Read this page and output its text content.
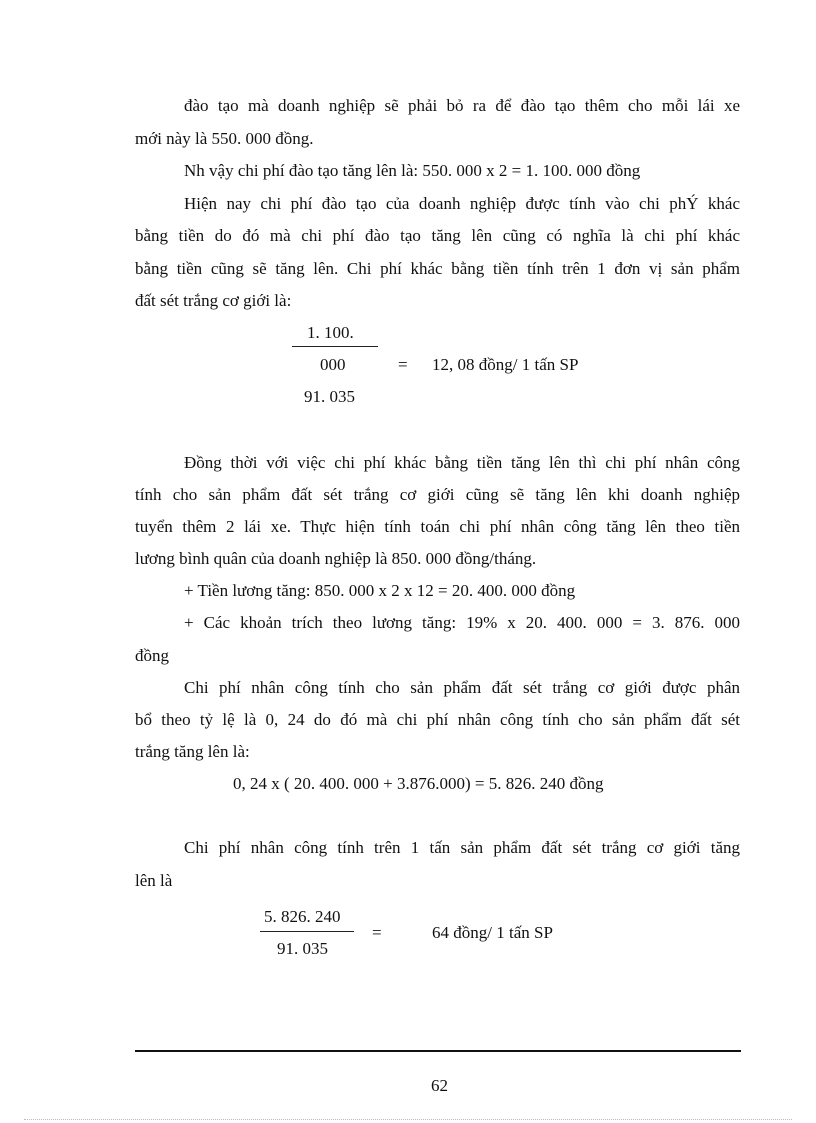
đào tạo mà doanh nghiệp sẽ phải bỏ ra để đào tạo thêm cho mỗi lái xe
mới này là 550. 000 đồng.
Nh vậy chi phí đào tạo tăng lên là: 550. 000 x 2 = 1. 100. 000 đồng
Hiện nay chi phí đào tạo của doanh nghiệp được tính vào chi phÝ khác
bằng tiền do đó mà chi phí đào tạo tăng lên cũng có nghĩa là chi phí khác
bằng tiền cũng sẽ tăng lên. Chi phí khác bằng tiền tính trên 1 đơn vị sản phẩm
đất sét trắng cơ giới là:
1. 100.
000	= 12, 08 đồng/ 1 tấn SP
91. 035
Đồng thời với việc chi phí khác bằng tiền tăng lên thì chi phí nhân công
tính cho sản phẩm đất sét trắng cơ giới cũng sẽ tăng lên khi doanh nghiệp
tuyển thêm 2 lái xe. Thực hiện tính toán chi phí nhân công tăng lên theo tiền
lương bình quân của doanh nghiệp là 850. 000 đồng/tháng.
+ Tiền lương tăng: 850. 000 x 2 x 12 = 20. 400. 000 đồng
+ Các khoản trích theo lương tăng: 19% x 20. 400. 000 = 3. 876. 000
đồng
Chi phí nhân công tính cho sản phẩm đất sét trắng cơ giới được phân
bổ theo tỷ lệ là 0, 24 do đó mà chi phí nhân công tính cho sản phẩm đất sét
trắng tăng lên là:
0, 24 x ( 20. 400. 000 + 3.876.000) = 5. 826. 240 đồng
Chi phí nhân công tính trên 1 tấn sản phẩm đất sét trắng cơ giới tăng
lên là
5. 826. 240
=	64 đồng/ 1 tấn SP
91. 035
62
